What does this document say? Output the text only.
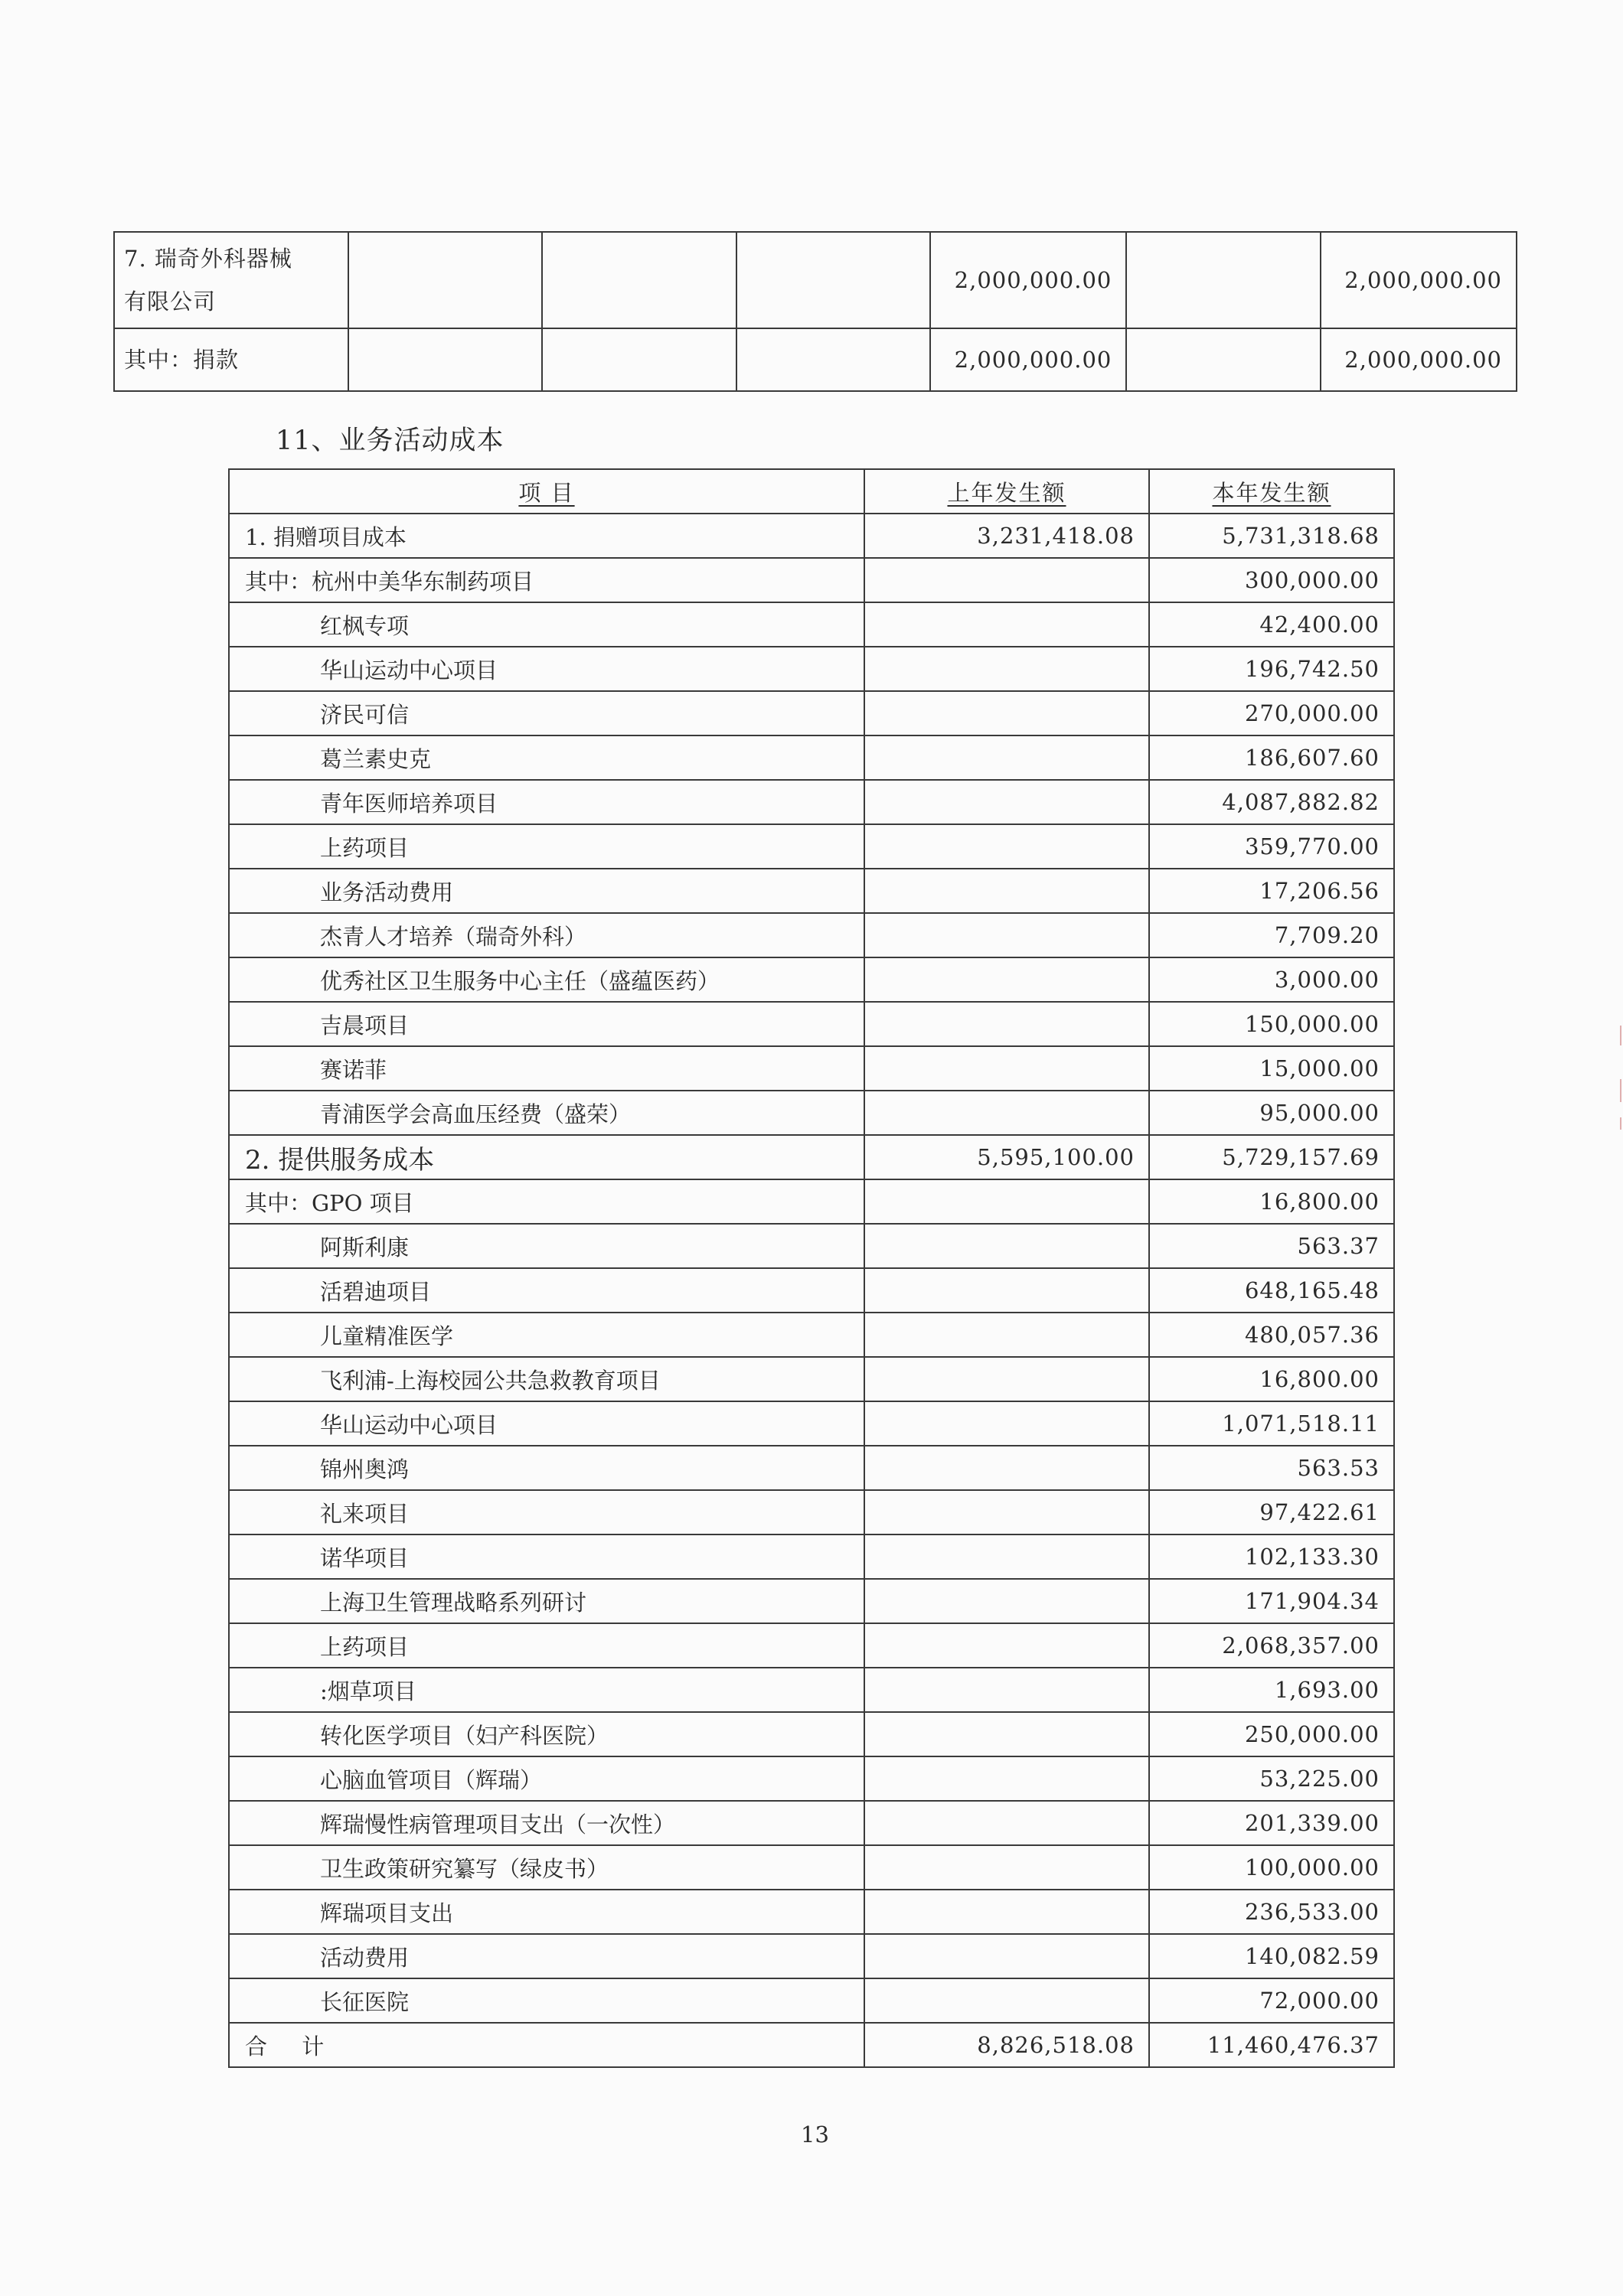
7. 瑞奇外科器械
有限公司				2,000,000.00		2,000,000.00
其中：捐款				2,000,000.00		2,000,000.00
11、业务活动成本
项 目	上年发生额	本年发生额
1. 捐赠项目成本	3,231,418.08	5,731,318.68
其中：杭州中美华东制药项目		300,000.00
红枫专项		42,400.00
华山运动中心项目		196,742.50
济民可信		270,000.00
葛兰素史克		186,607.60
青年医师培养项目		4,087,882.82
上药项目		359,770.00
业务活动费用		17,206.56
杰青人才培养（瑞奇外科）		7,709.20
优秀社区卫生服务中心主任（盛蕴医药）		3,000.00
吉晨项目		150,000.00
赛诺菲		15,000.00
青浦医学会高血压经费（盛荣）		95,000.00
2. 提供服务成本	5,595,100.00	5,729,157.69
其中：GPO 项目		16,800.00
阿斯利康		563.37
活碧迪项目		648,165.48
儿童精准医学		480,057.36
飞利浦-上海校园公共急救教育项目		16,800.00
华山运动中心项目		1,071,518.11
锦州奥鸿		563.53
礼来项目		97,422.61
诺华项目		102,133.30
上海卫生管理战略系列研讨		171,904.34
上药项目		2,068,357.00
:烟草项目		1,693.00
转化医学项目（妇产科医院）		250,000.00
心脑血管项目（辉瑞）		53,225.00
辉瑞慢性病管理项目支出（一次性）		201,339.00
卫生政策研究纂写（绿皮书）		100,000.00
辉瑞项目支出		236,533.00
活动费用		140,082.59
长征医院		72,000.00
合 计	8,826,518.08	11,460,476.37
13
